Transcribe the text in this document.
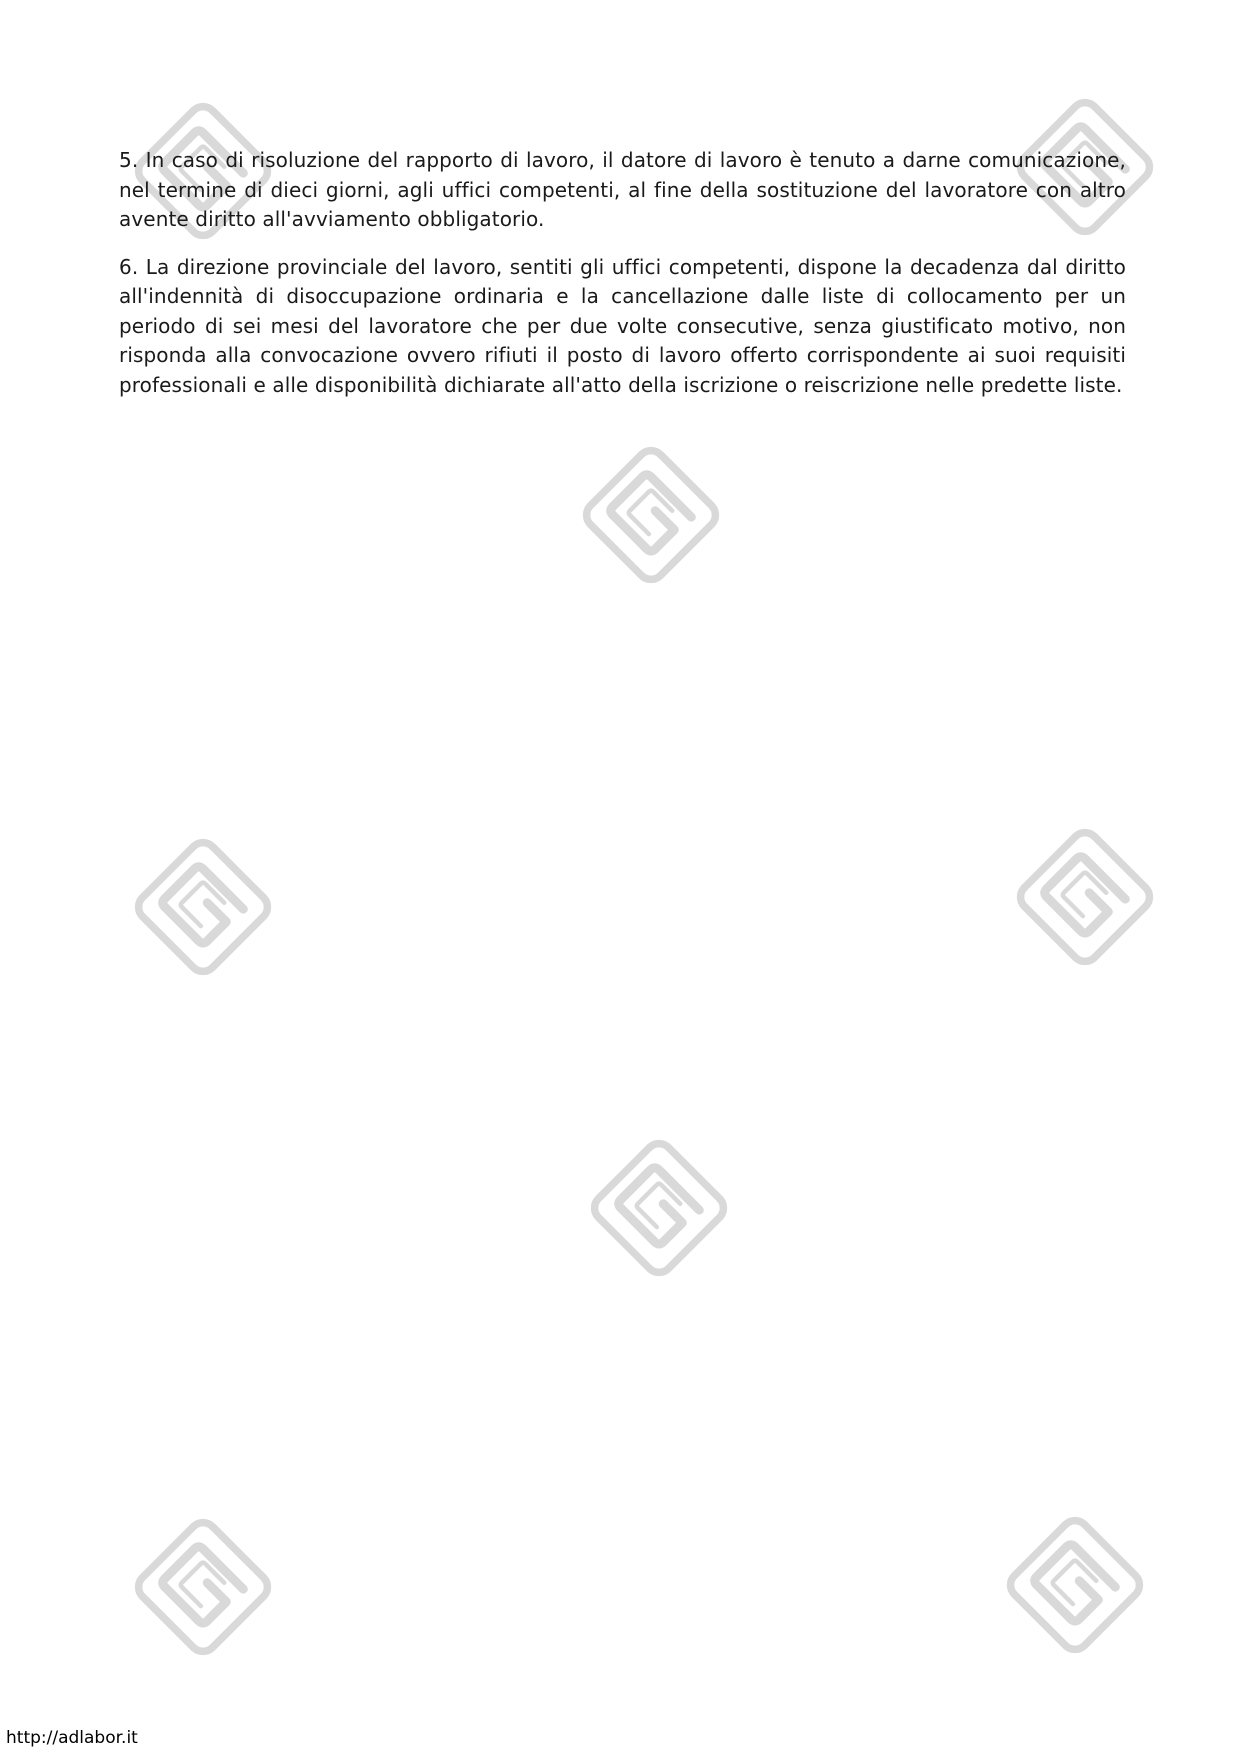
5. In caso di risoluzione del rapporto di lavoro, il datore di lavoro è tenuto a darne comunicazione, nel termine di dieci giorni, agli uffici competenti, al fine della sostituzione del lavoratore con altro avente diritto all'avviamento obbligatorio.

6. La direzione provinciale del lavoro, sentiti gli uffici competenti, dispone la decadenza dal diritto all'indennità di disoccupazione ordinaria e la cancellazione dalle liste di collocamento per un periodo di sei mesi del lavoratore che per due volte consecutive, senza giustificato motivo, non risponda alla convocazione ovvero rifiuti il posto di lavoro offerto corrispondente ai suoi requisiti professionali e alle disponibilità dichiarate all'atto della iscrizione o reiscrizione nelle predette liste.

http://adlabor.it
